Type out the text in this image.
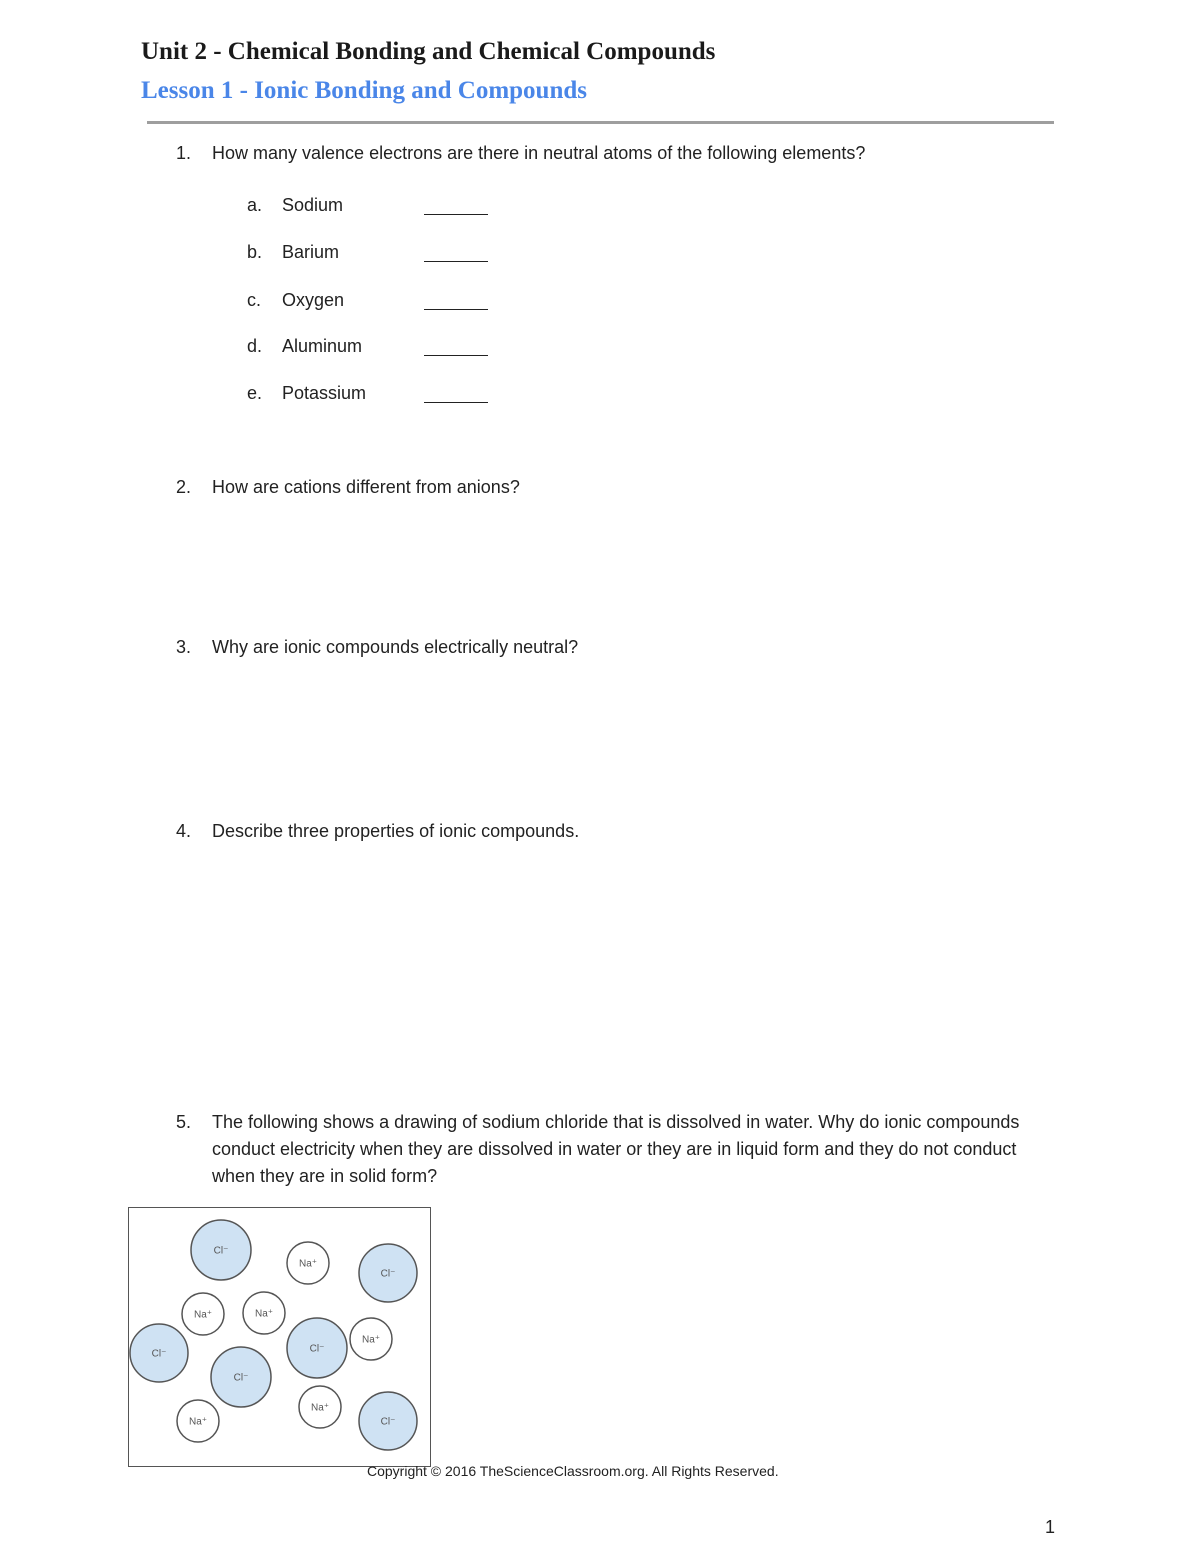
Unit 2 - Chemical Bonding and Chemical Compounds
Lesson 1 - Ionic Bonding and Compounds
1. How many valence electrons are there in neutral atoms of the following elements?
a. Sodium
b. Barium
c. Oxygen
d. Aluminum
e. Potassium
2. How are cations different from anions?
3. Why are ionic compounds electrically neutral?
4. Describe three properties of ionic compounds.
5. The following shows a drawing of sodium chloride that is dissolved in water. Why do ionic compounds conduct electricity when they are dissolved in water or they are in liquid form and they do not conduct when they are in solid form?
Cl⁻
Cl⁻
Cl⁻	Cl⁻
Cl⁻
Cl⁻
Na⁺
Na⁺	Na⁺
Na⁺
Na⁺
Na⁺
Copyright © 2016 TheScienceClassroom.org. All Rights Reserved.
1
